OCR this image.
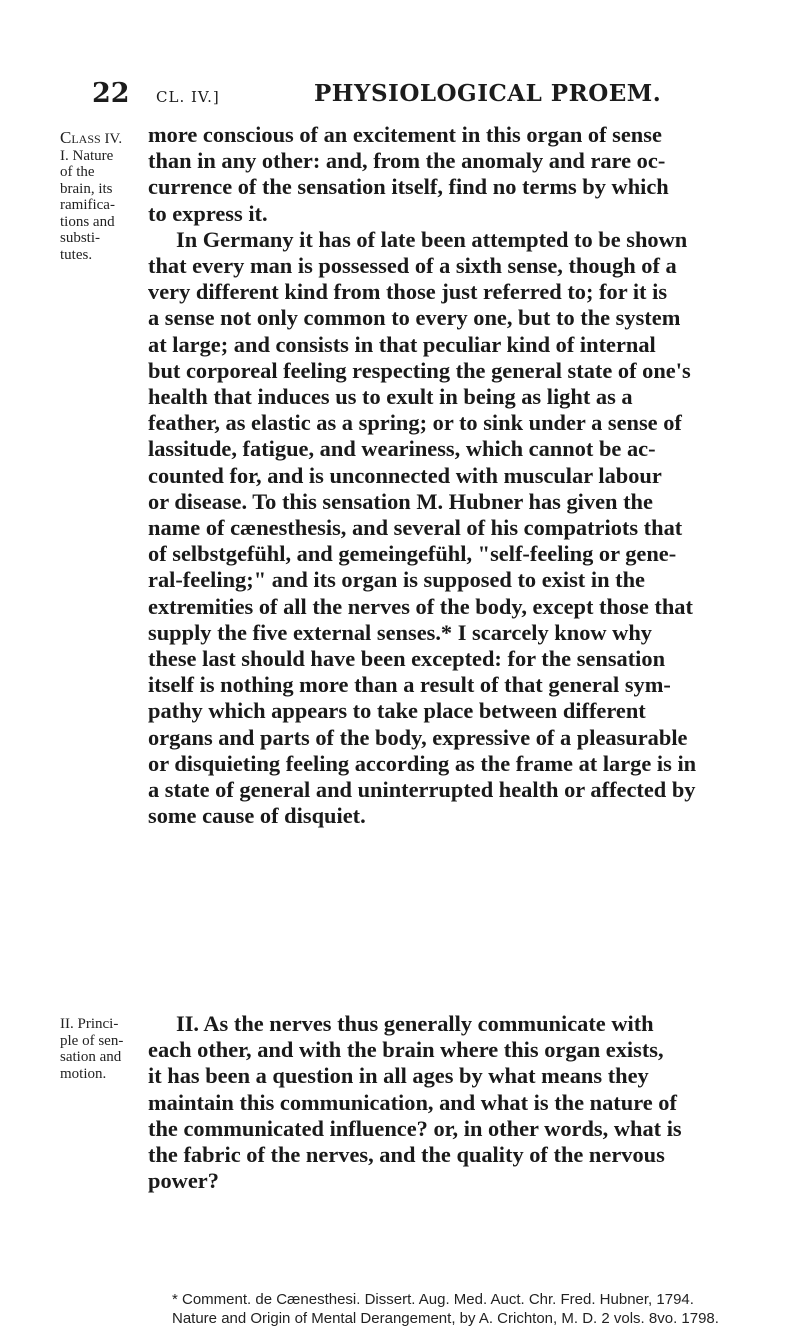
22 CL. IV.]	PHYSIOLOGICAL PROEM.
Class IV.
I. Nature
of the
brain, its
ramifica-
tions and
substi-
tutes.
II. Princi-
ple of sen-
sation and
motion.
more conscious of an excitement in this organ of sense
than in any other: and, from the anomaly and rare oc-
currence of the sensation itself, find no terms by which
to express it.
In Germany it has of late been attempted to be shown
that every man is possessed of a sixth sense, though of a
very different kind from those just referred to; for it is
a sense not only common to every one, but to the system
at large; and consists in that peculiar kind of internal
but corporeal feeling respecting the general state of one's
health that induces us to exult in being as light as a
feather, as elastic as a spring; or to sink under a sense of
lassitude, fatigue, and weariness, which cannot be ac-
counted for, and is unconnected with muscular labour
or disease. To this sensation M. Hubner has given the
name of cænesthesis, and several of his compatriots that
of selbstgefühl, and gemeingefühl, "self-feeling or gene-
ral-feeling;" and its organ is supposed to exist in the
extremities of all the nerves of the body, except those that
supply the five external senses.* I scarcely know why
these last should have been excepted: for the sensation
itself is nothing more than a result of that general sym-
pathy which appears to take place between different
organs and parts of the body, expressive of a pleasurable
or disquieting feeling according as the frame at large is in
a state of general and uninterrupted health or affected by
some cause of disquiet.
II. As the nerves thus generally communicate with
each other, and with the brain where this organ exists,
it has been a question in all ages by what means they
maintain this communication, and what is the nature of
the communicated influence? or, in other words, what is
the fabric of the nerves, and the quality of the nervous
power?

* Comment. de Cænesthesi. Dissert. Aug. Med. Auct. Chr. Fred. Hubner, 1794.

Nature and Origin of Mental Derangement, by A. Crichton, M. D. 2 vols. 8vo. 1798.
